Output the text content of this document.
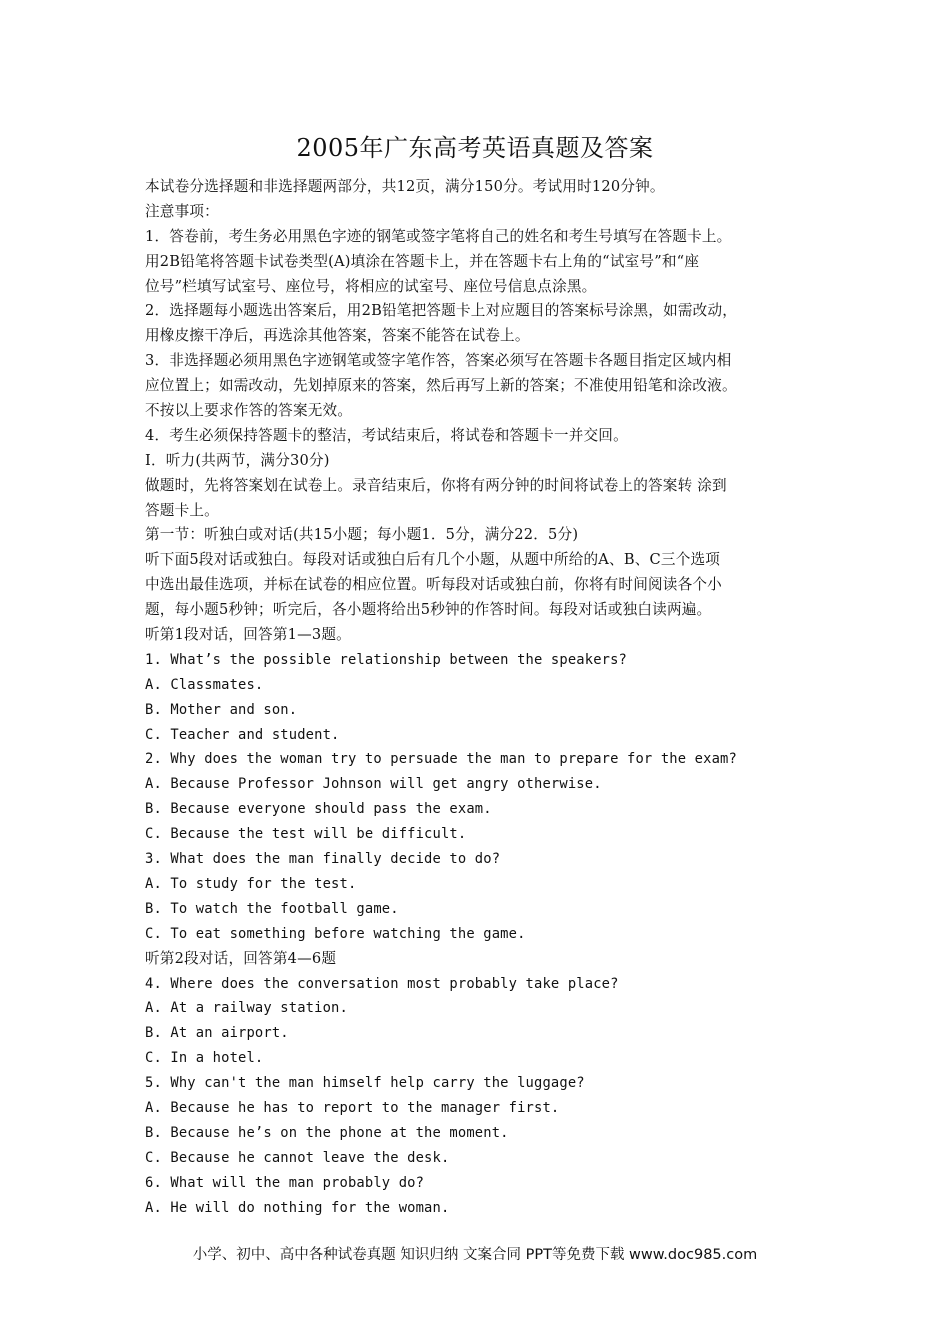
2005年广东高考英语真题及答案
本试卷分选择题和非选择题两部分，共12页，满分150分。考试用时120分钟。
注意事项：
1．答卷前，考生务必用黑色字迹的钢笔或签字笔将自己的姓名和考生号填写在答题卡上。
用2B铅笔将答题卡试卷类型(A)填涂在答题卡上，并在答题卡右上角的“试室号”和“座
位号”栏填写试室号、座位号，将相应的试室号、座位号信息点涂黑。
2．选择题每小题选出答案后，用2B铅笔把答题卡上对应题目的答案标号涂黑，如需改动，
用橡皮擦干净后，再选涂其他答案，答案不能答在试卷上。
3．非选择题必须用黑色字迹钢笔或签字笔作答，答案必须写在答题卡各题目指定区域内相
应位置上；如需改动，先划掉原来的答案，然后再写上新的答案；不准使用铅笔和涂改液。
不按以上要求作答的答案无效。
4．考生必须保持答题卡的整洁，考试结束后，将试卷和答题卡一并交回。
I．听力(共两节，满分30分)
做题时，先将答案划在试卷上。录音结束后，你将有两分钟的时间将试卷上的答案转 涂到
答题卡上。
第一节：听独白或对话(共15小题；每小题1．5分，满分22．5分)
听下面5段对话或独白。每段对话或独白后有几个小题，从题中所给的A、B、C三个选项
中选出最佳选项，并标在试卷的相应位置。听每段对话或独白前，你将有时间阅读各个小
题，每小题5秒钟；听完后，各小题将给出5秒钟的作答时间。每段对话或独白读两遍。
听第1段对话，回答第1—3题。
1. What’s the possible relationship between the speakers?
A. Classmates.
B. Mother and son.
C. Teacher and student.
2. Why does the woman try to persuade the man to prepare for the exam?
A. Because Professor Johnson will get angry otherwise.
B. Because everyone should pass the exam.
C. Because the test will be difficult.
3. What does the man finally decide to do?
A. To study for the test.
B. To watch the football game.
C. To eat something before watching the game.
听第2段对话，回答第4—6题
4. Where does the conversation most probably take place?
A. At a railway station.
B. At an airport.
C. In a hotel.
5. Why can't the man himself help carry the luggage?
A. Because he has to report to the manager first.
B. Because he’s on the phone at the moment.
C. Because he cannot leave the desk.
6. What will the man probably do?
A. He will do nothing for the woman.
小学、初中、高中各种试卷真题 知识归纳 文案合同 PPT等免费下载 www.doc985.com
